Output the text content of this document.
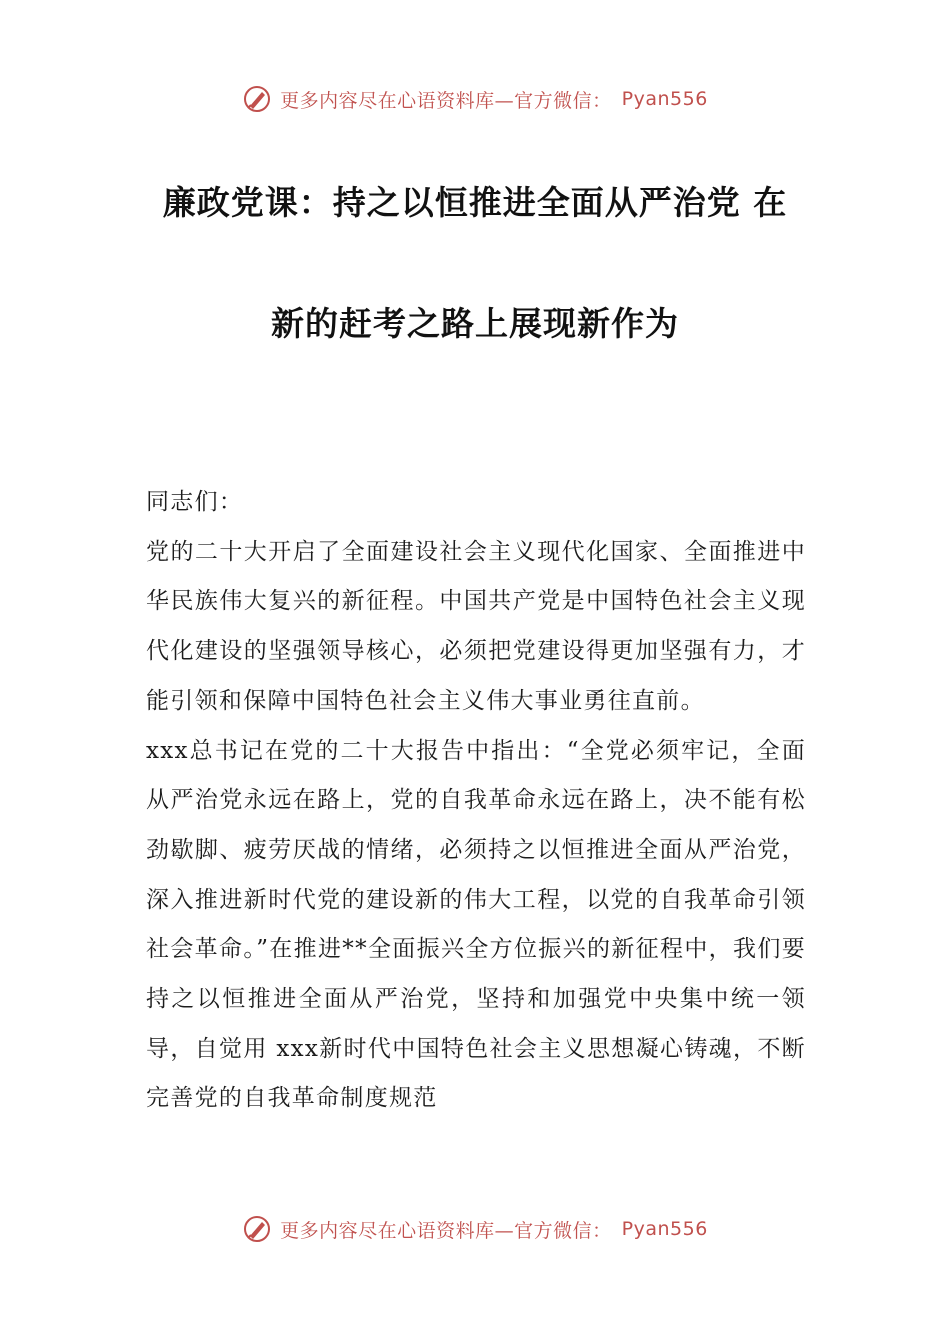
更多内容尽在心语资料库—官方微信： Pyan556
廉政党课：持之以恒推进全面从严治党 在
新的赶考之路上展现新作为

同志们：

党的二十大开启了全面建设社会主义现代化国家、全面推进中华民族伟大复兴的新征程。中国共产党是中国特色社会主义现代化建设的坚强领导核心，必须把党建设得更加坚强有力，才能引领和保障中国特色社会主义伟大事业勇往直前。

xxx总书记在党的二十大报告中指出：“全党必须牢记，全面从严治党永远在路上，党的自我革命永远在路上，决不能有松劲歇脚、疲劳厌战的情绪，必须持之以恒推进全面从严治党，深入推进新时代党的建设新的伟大工程，以党的自我革命引领社会革命。”在推进**全面振兴全方位振兴的新征程中，我们要持之以恒推进全面从严治党，坚持和加强党中央集中统一领导，自觉用 xxx新时代中国特色社会主义思想凝心铸魂，不断完善党的自我革命制度规范

更多内容尽在心语资料库—官方微信： Pyan556
